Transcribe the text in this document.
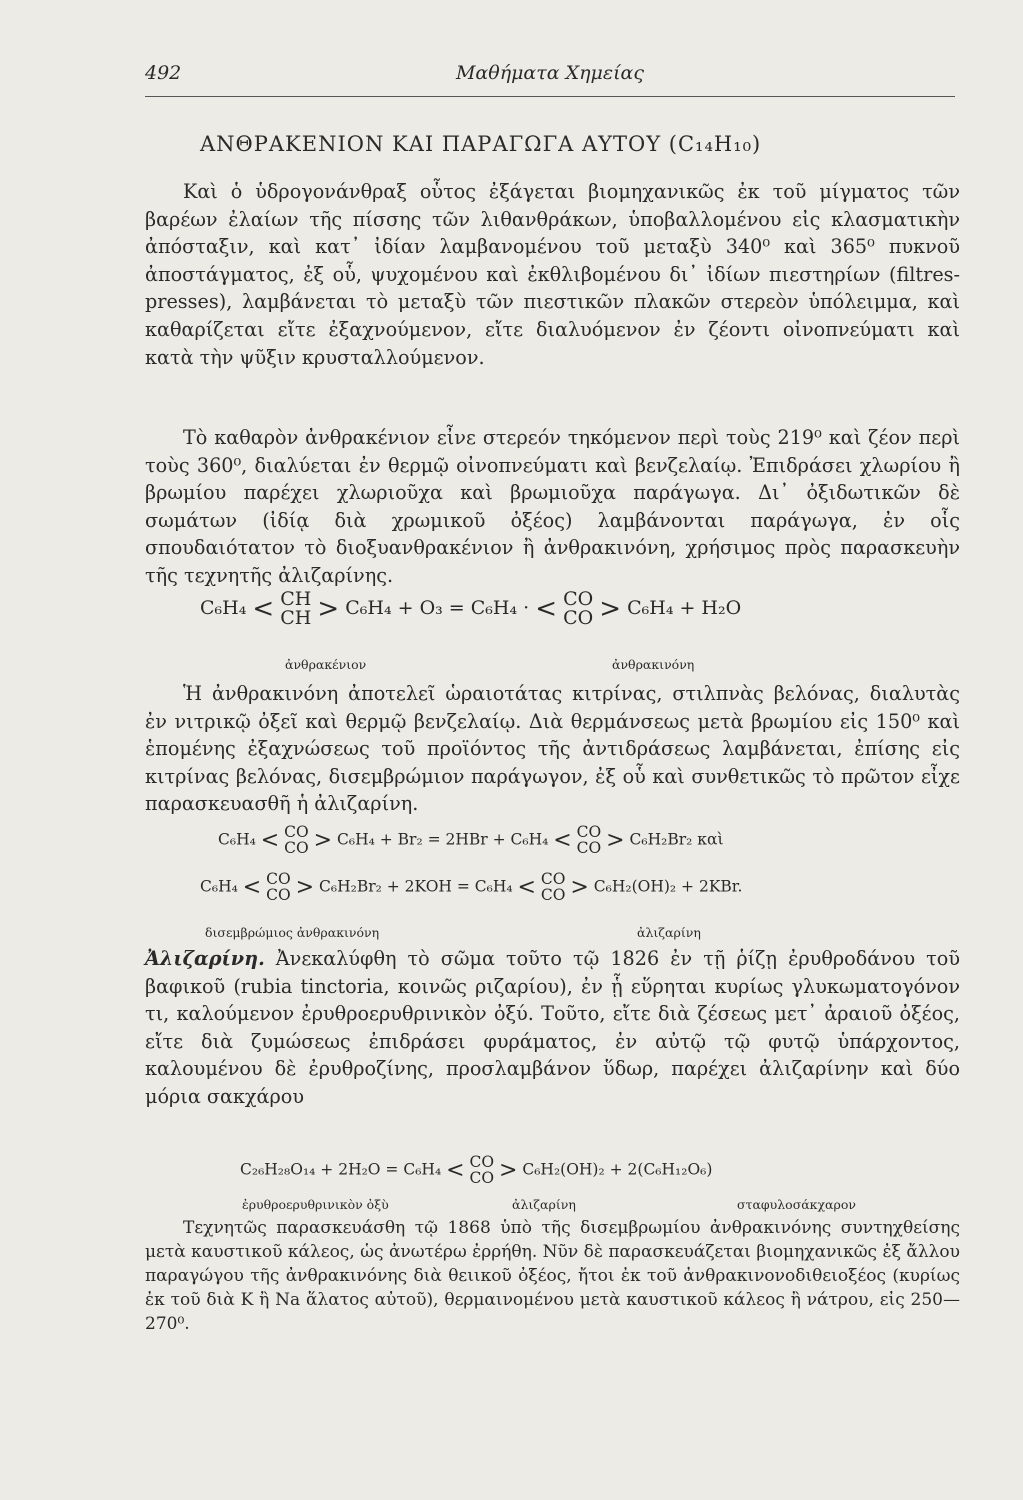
492	Μαθήματα Χημείας
ΑΝΘΡΑΚΕΝΙΟΝ ΚΑΙ ΠΑΡΑΓΩΓΑ ΑΥΤΟΥ (C₁₄H₁₀)

Καὶ ὁ ὑδρογονάνθραξ οὗτος ἐξάγεται βιομηχανικῶς ἐκ τοῦ μίγματος τῶν βαρέων ἐλαίων τῆς πίσσης τῶν λιθανθράκων, ὑποβαλλομένου εἰς κλασματικὴν ἀπόσταξιν, καὶ κατ᾽ ἰδίαν λαμβανομένου τοῦ μεταξὺ 340⁰ καὶ 365⁰ πυκνοῦ ἀποστάγματος, ἐξ οὗ, ψυχομένου καὶ ἐκθλιβομένου δι᾽ ἰδίων πιεστηρίων (filtres-presses), λαμβάνεται τὸ μεταξὺ τῶν πιεστικῶν πλακῶν στερεὸν ὑπόλειμμα, καὶ καθαρίζεται εἴτε ἐξαχνούμενον, εἴτε διαλυόμενον ἐν ζέοντι οἰνοπνεύματι καὶ κατὰ τὴν ψῦξιν κρυσταλλούμενον.

Τὸ καθαρὸν ἀνθρακένιον εἶνε στερεόν τηκόμενον περὶ τοὺς 219⁰ καὶ ζέον περὶ τοὺς 360⁰, διαλύεται ἐν θερμῷ οἰνοπνεύματι καὶ βενζελαίῳ. Ἐπιδράσει χλωρίου ἢ βρωμίου παρέχει χλωριοῦχα καὶ βρωμιοῦχα παράγωγα. Δι᾽ ὀξιδωτικῶν δὲ σωμάτων (ἰδίᾳ διὰ χρωμικοῦ ὀξέος) λαμβάνονται παράγωγα, ἐν οἷς σπουδαιότατον τὸ διοξυανθρακένιον ἢ ἀνθρακινόνη, χρήσιμος πρὸς παρασκευὴν τῆς τεχνητῆς ἀλιζαρίνης.

C₆H₄ < CH
CH > C₆H₄ + O₃ = C₆H₄ · < CO
CO > C₆H₄ + H₂O
ἀνθρακένιον	ἀνθρακινόνη

Ἡ ἀνθρακινόνη ἀποτελεῖ ὡραιοτάτας κιτρίνας, στιλπνὰς βελόνας, διαλυτὰς ἐν νιτρικῷ ὀξεῖ καὶ θερμῷ βενζελαίῳ. Διὰ θερμάνσεως μετὰ βρωμίου εἰς 150⁰ καὶ ἑπομένης ἐξαχνώσεως τοῦ προϊόντος τῆς ἀντιδράσεως λαμβάνεται, ἐπίσης εἰς κιτρίνας βελόνας, δισεμβρώμιον παράγωγον, ἐξ οὗ καὶ συνθετικῶς τὸ πρῶτον εἶχε παρασκευασθῆ ἡ ἀλιζαρίνη.

C₆H₄ < CO
CO > C₆H₄ + Br₂ = 2HBr + C₆H₄ < CO
CO > C₆H₂Br₂ καὶ
C₆H₄ < CO
CO > C₆H₂Br₂ + 2KOH = C₆H₄ < CO
CO > C₆H₂(OH)₂ + 2KBr.
δισεμβρώμιος ἀνθρακινόνη	ἀλιζαρίνη

Ἀλιζαρίνη. Ἀνεκαλύφθη τὸ σῶμα τοῦτο τῷ 1826 ἐν τῇ ῥίζῃ ἐρυθροδάνου τοῦ βαφικοῦ (rubia tinctoria, κοινῶς ριζαρίου), ἐν ᾗ εὕρηται κυρίως γλυκωματογόνον τι, καλούμενον ἐρυθροερυθρινικὸν ὀξύ. Τοῦτο, εἴτε διὰ ζέσεως μετ᾽ ἀραιοῦ ὀξέος, εἴτε διὰ ζυμώσεως ἐπιδράσει φυράματος, ἐν αὐτῷ τῷ φυτῷ ὑπάρχοντος, καλουμένου δὲ ἐρυθροζίνης, προσλαμβάνον ὕδωρ, παρέχει ἀλιζαρίνην καὶ δύο μόρια σακχάρου

C₂₆H₂₈O₁₄ + 2H₂O = C₆H₄ < CO
CO > C₆H₂(OH)₂ + 2(C₆H₁₂O₆)
ἐρυθροερυθρινικὸν ὀξὺ	ἀλιζαρίνη	σταφυλοσάκχαρον

Τεχνητῶς παρασκευάσθη τῷ 1868 ὑπὸ τῆς δισεμβρωμίου ἀνθρακινόνης συντηχθείσης μετὰ καυστικοῦ κάλεος, ὡς ἀνωτέρω ἐρρήθη. Νῦν δὲ παρασκευάζεται βιομηχανικῶς ἐξ ἄλλου παραγώγου τῆς ἀνθρακινόνης διὰ θειικοῦ ὀξέος, ἤτοι ἐκ τοῦ ἀνθρακινονοδιθειοξέος (κυρίως ἐκ τοῦ διὰ K ἢ Na ἅλατος αὐτοῦ), θερμαινομένου μετὰ καυστικοῦ κάλεος ἢ νάτρου, εἰς 250—270⁰.
